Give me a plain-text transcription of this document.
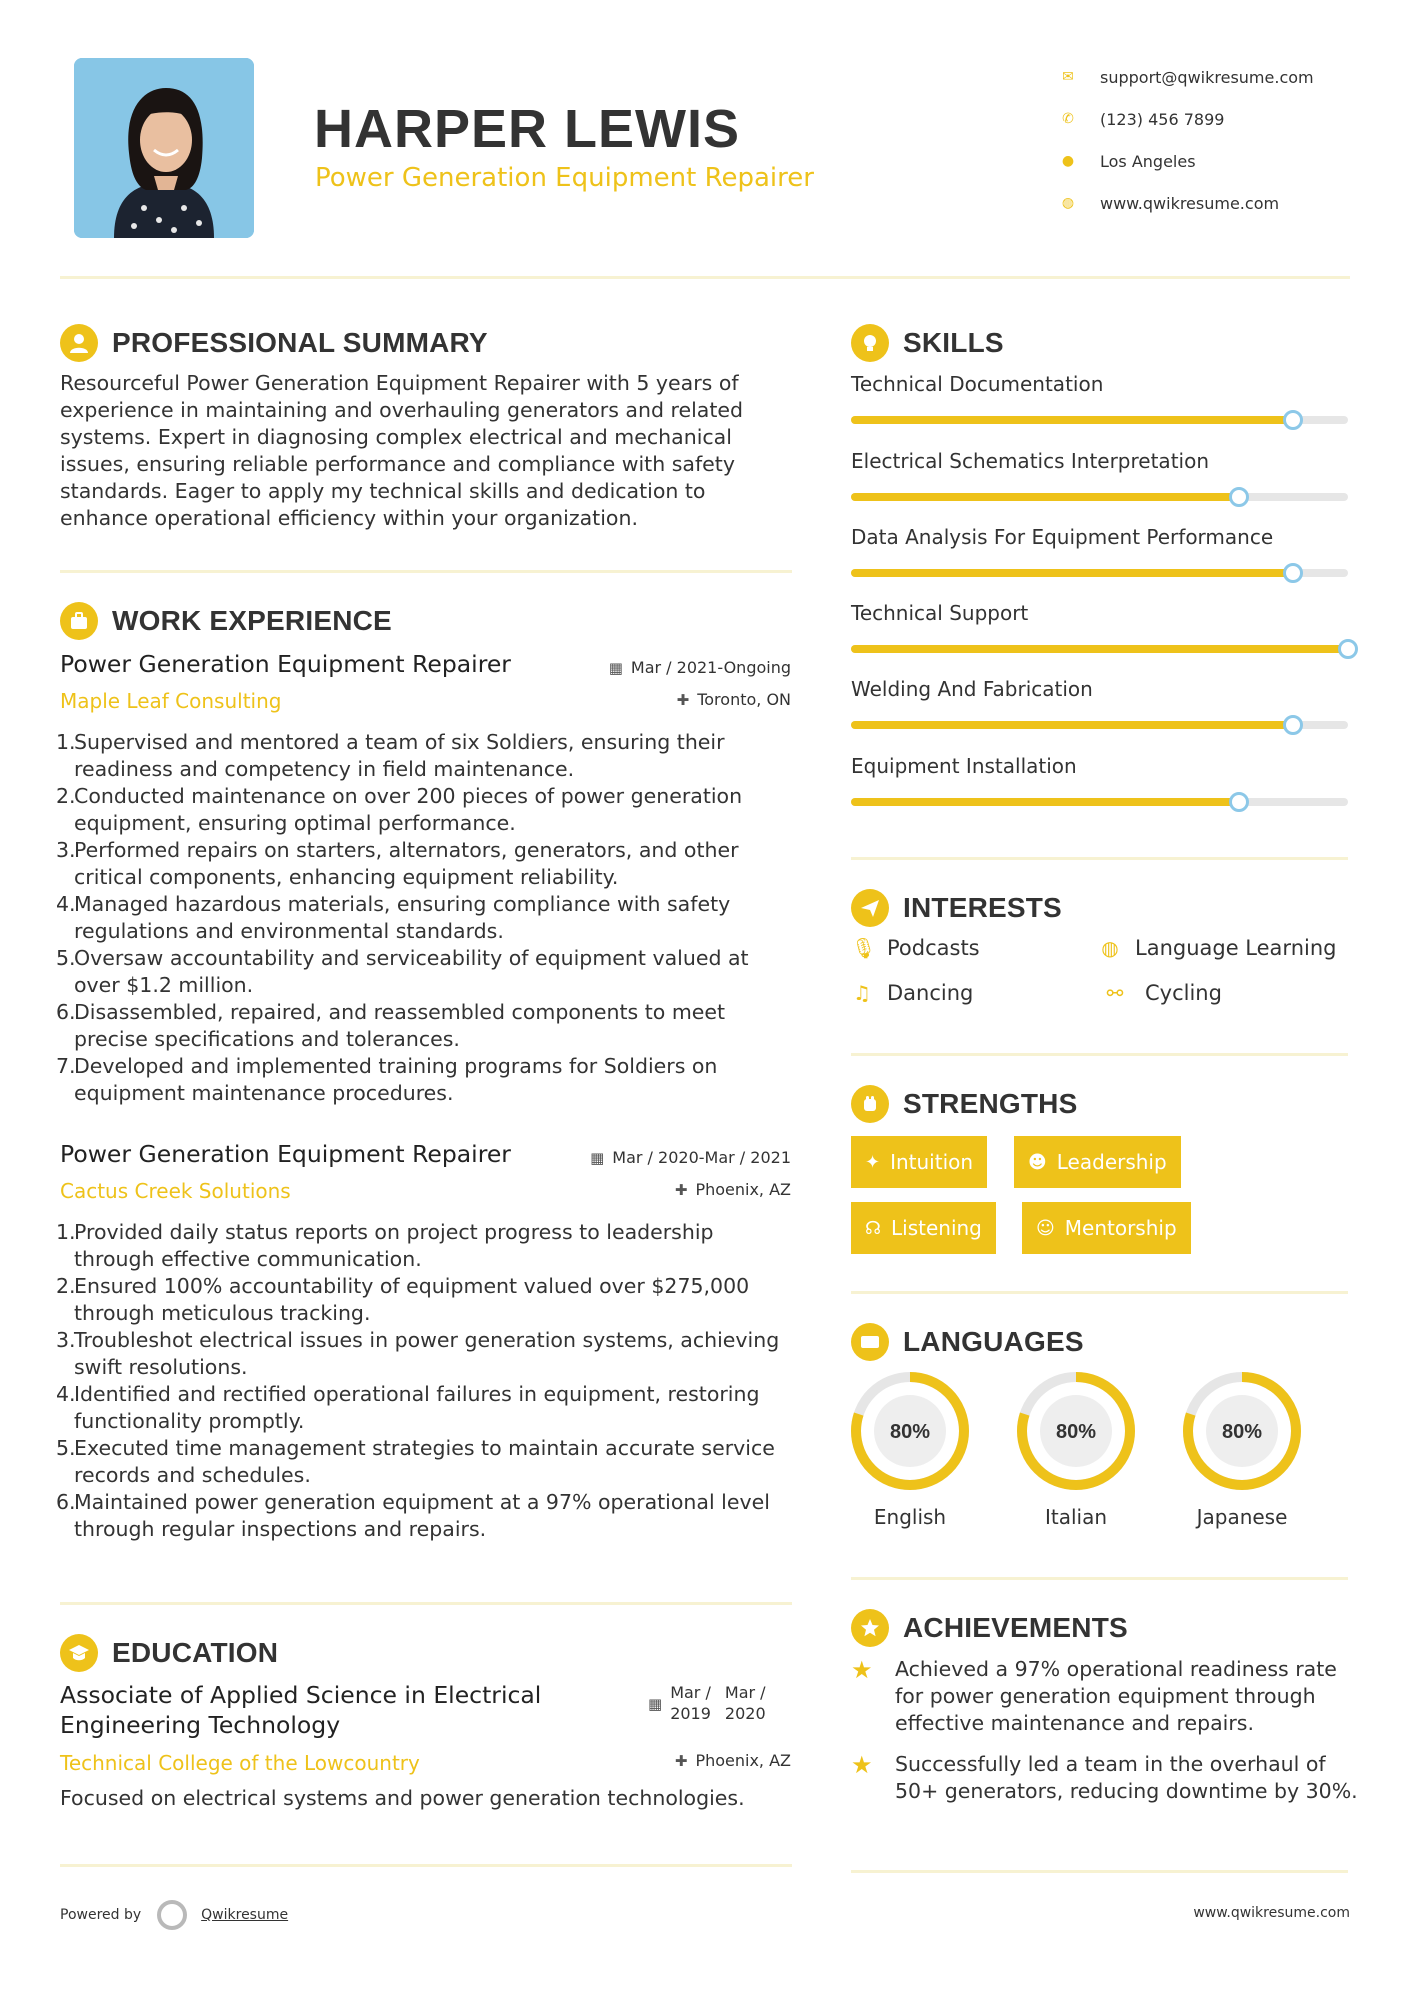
HARPER LEWIS
Power Generation Equipment Repairer
✉	support@qwikresume.com
✆	(123) 456 7899
●	Los Angeles
◍	www.qwikresume.com
PROFESSIONAL SUMMARY
Resourceful Power Generation Equipment Repairer with 5 years of experience in maintaining and overhauling generators and related systems. Expert in diagnosing complex electrical and mechanical issues, ensuring reliable performance and compliance with safety standards. Eager to apply my technical skills and dedication to enhance operational efficiency within your organization.
WORK EXPERIENCE
Power Generation Equipment Repairer
Maple Leaf Consulting
▦ Mar / 2021-Ongoing
✚ Toronto, ON
1.
Supervised and mentored a team of six Soldiers, ensuring their readiness and competency in field maintenance.
2.
Conducted maintenance on over 200 pieces of power generation equipment, ensuring optimal performance.
3.
Performed repairs on starters, alternators, generators, and other critical components, enhancing equipment reliability.
4.
Managed hazardous materials, ensuring compliance with safety regulations and environmental standards.
5.
Oversaw accountability and serviceability of equipment valued at over $1.2 million.
6.
Disassembled, repaired, and reassembled components to meet precise specifications and tolerances.
7.
Developed and implemented training programs for Soldiers on equipment maintenance procedures.
Power Generation Equipment Repairer
Cactus Creek Solutions
▦ Mar / 2020-Mar / 2021
✚ Phoenix, AZ
1.
Provided daily status reports on project progress to leadership through effective communication.
2.
Ensured 100% accountability of equipment valued over $275,000 through meticulous tracking.
3.
Troubleshot electrical issues in power generation systems, achieving swift resolutions.
4.
Identified and rectified operational failures in equipment, restoring functionality promptly.
5.
Executed time management strategies to maintain accurate service records and schedules.
6.
Maintained power generation equipment at a 97% operational level through regular inspections and repairs.
EDUCATION
Associate of Applied Science in Electrical Engineering Technology
▦
Mar /
2019
Mar /
2020
Technical College of the Lowcountry	✚ Phoenix, AZ
Focused on electrical systems and power generation technologies.
SKILLS
Technical Documentation
Electrical Schematics Interpretation
Data Analysis For Equipment Performance
Technical Support
Welding And Fabrication
Equipment Installation
INTERESTS
🎙 Podcasts	◍ Language Learning
♫ Dancing	⚯	Cycling
STRENGTHS
✦ Intuition	☻ Leadership
☊ Listening	☺ Mentorship
LANGUAGES
80%
English
80%
Italian
80%
Japanese
ACHIEVEMENTS
★	Achieved a 97% operational readiness rate for power generation equipment through effective maintenance and repairs.
★	Successfully led a team in the overhaul of 50+ generators, reducing downtime by 30%.
Powered by	Qwikresume	www.qwikresume.com
